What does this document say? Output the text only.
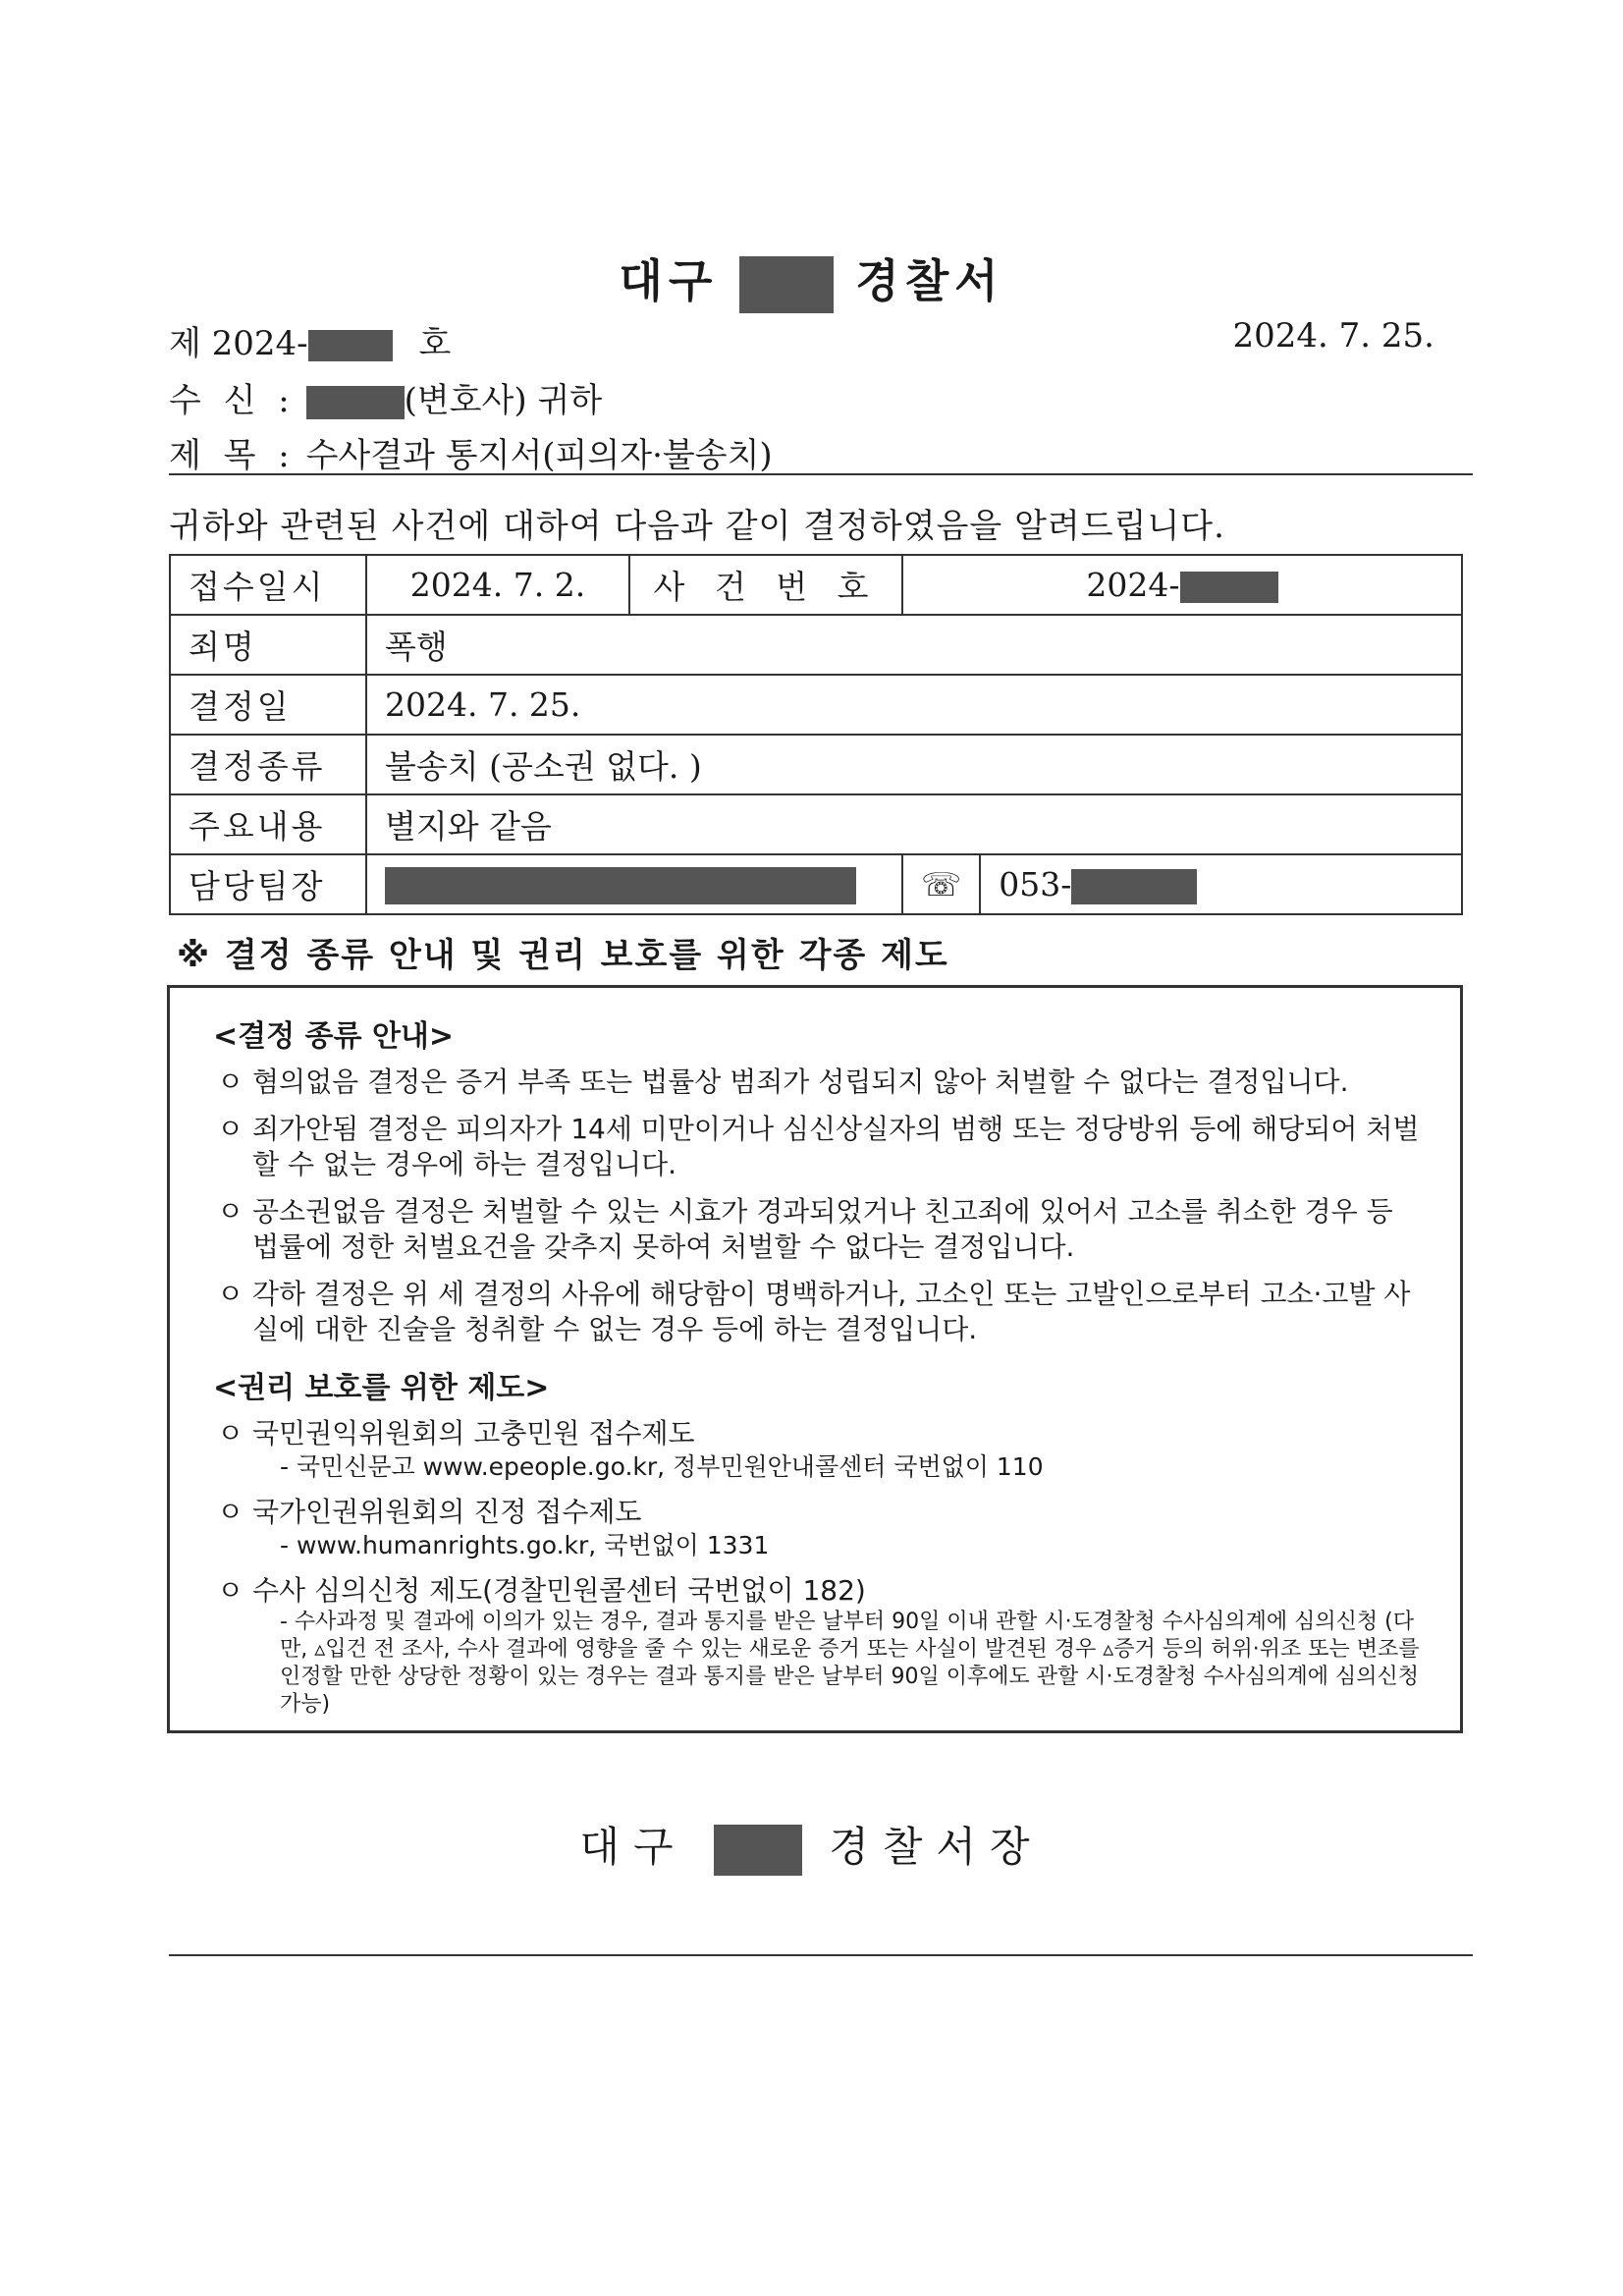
대구	경찰서
제 2024-	호	2024. 7. 25.
수 신 :	(변호사) 귀하
제 목 : 수사결과 통지서(피의자·불송치)
귀하와 관련된 사건에 대하여 다음과 같이 결정하였음을 알려드립니다.
접수일시	2024. 7. 2.	사 건 번 호	2024-	
죄명	폭행			
결정일	2024. 7. 25.			
결정종류	불송치 (공소권 없다. )			
주요내용	별지와 같음			
담당팀장			☏	053-
※ 결정 종류 안내 및 권리 보호를 위한 각종 제도
<결정 종류 안내>
ㅇ 혐의없음 결정은 증거 부족 또는 법률상 범죄가 성립되지 않아 처벌할 수 없다는 결정입니다.
ㅇ 죄가안됨 결정은 피의자가 14세 미만이거나 심신상실자의 범행 또는 정당방위 등에 해당되어 처벌할 수 없는 경우에 하는 결정입니다.
ㅇ 공소권없음 결정은 처벌할 수 있는 시효가 경과되었거나 친고죄에 있어서 고소를 취소한 경우 등 법률에 정한 처벌요건을 갖추지 못하여 처벌할 수 없다는 결정입니다.
ㅇ 각하 결정은 위 세 결정의 사유에 해당함이 명백하거나, 고소인 또는 고발인으로부터 고소·고발 사실에 대한 진술을 청취할 수 없는 경우 등에 하는 결정입니다.
<권리 보호를 위한 제도>
ㅇ 국민권익위원회의 고충민원 접수제도
- 국민신문고 www.epeople.go.kr, 정부민원안내콜센터 국번없이 110
ㅇ 국가인권위원회의 진정 접수제도
- www.humanrights.go.kr, 국번없이 1331
ㅇ 수사 심의신청 제도(경찰민원콜센터 국번없이 182)
- 수사과정 및 결과에 이의가 있는 경우, 결과 통지를 받은 날부터 90일 이내 관할 시·도경찰청 수사심의계에 심의신청 (다만, ▵입건 전 조사, 수사 결과에 영향을 줄 수 있는 새로운 증거 또는 사실이 발견된 경우 ▵증거 등의 허위·위조 또는 변조를 인정할 만한 상당한 정황이 있는 경우는 결과 통지를 받은 날부터 90일 이후에도 관할 시·도경찰청 수사심의계에 심의신청 가능)
대구	경찰서장
